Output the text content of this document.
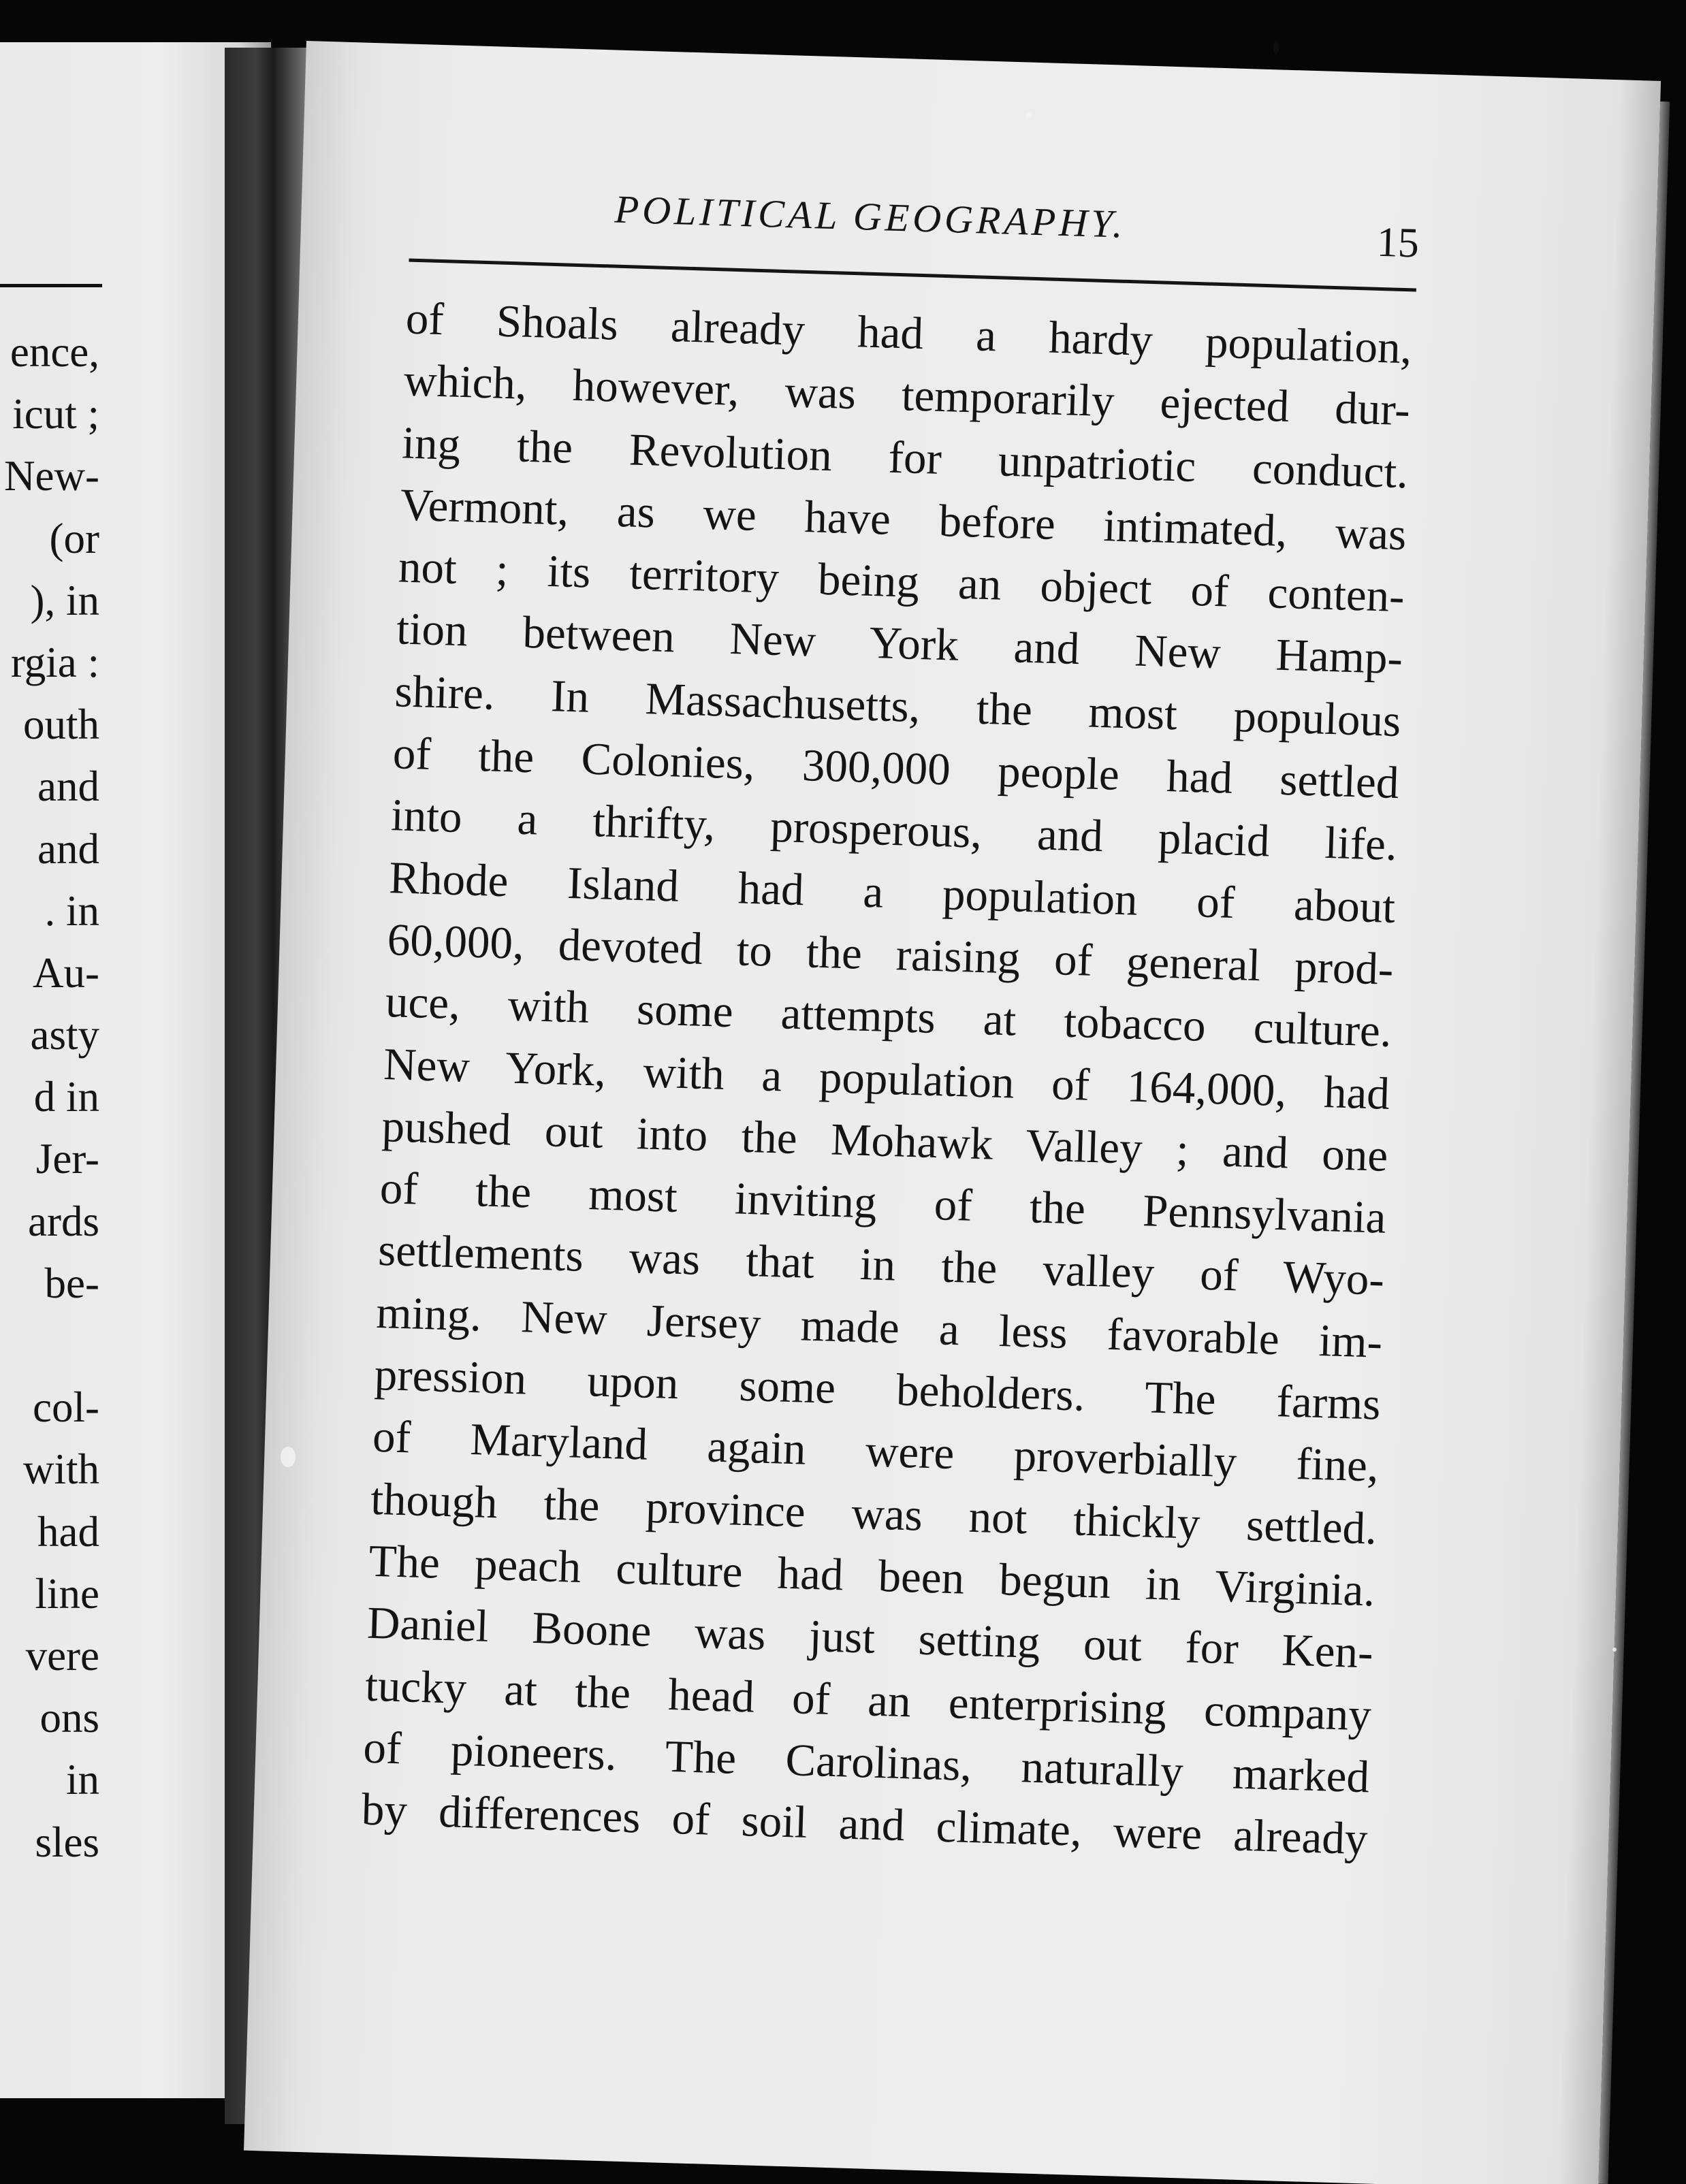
ence,
icut ;
New-
(or
), in
rgia :
outh
and
and
. in
Au-
asty
d in
Jer-
ards
be-
col-
with
had
line
vere
ons
in
sles
POLITICAL GEOGRAPHY.	15
of Shoals already had a hardy population,
which, however, was temporarily ejected dur-
ing the Revolution for unpatriotic conduct.
Vermont, as we have before intimated, was
not ; its territory being an object of conten-
tion between New York and New Hamp-
shire. In Massachusetts, the most populous
of the Colonies, 300,000 people had settled
into a thrifty, prosperous, and placid life.
Rhode Island had a population of about
60,000, devoted to the raising of general prod-
uce, with some attempts at tobacco culture.
New York, with a population of 164,000, had
pushed out into the Mohawk Valley ; and one
of the most inviting of the Pennsylvania
settlements was that in the valley of Wyo-
ming. New Jersey made a less favorable im-
pression upon some beholders. The farms
of Maryland again were proverbially fine,
though the province was not thickly settled.
The peach culture had been begun in Virginia.
Daniel Boone was just setting out for Ken-
tucky at the head of an enterprising company
of pioneers. The Carolinas, naturally marked
by differences of soil and climate, were already
